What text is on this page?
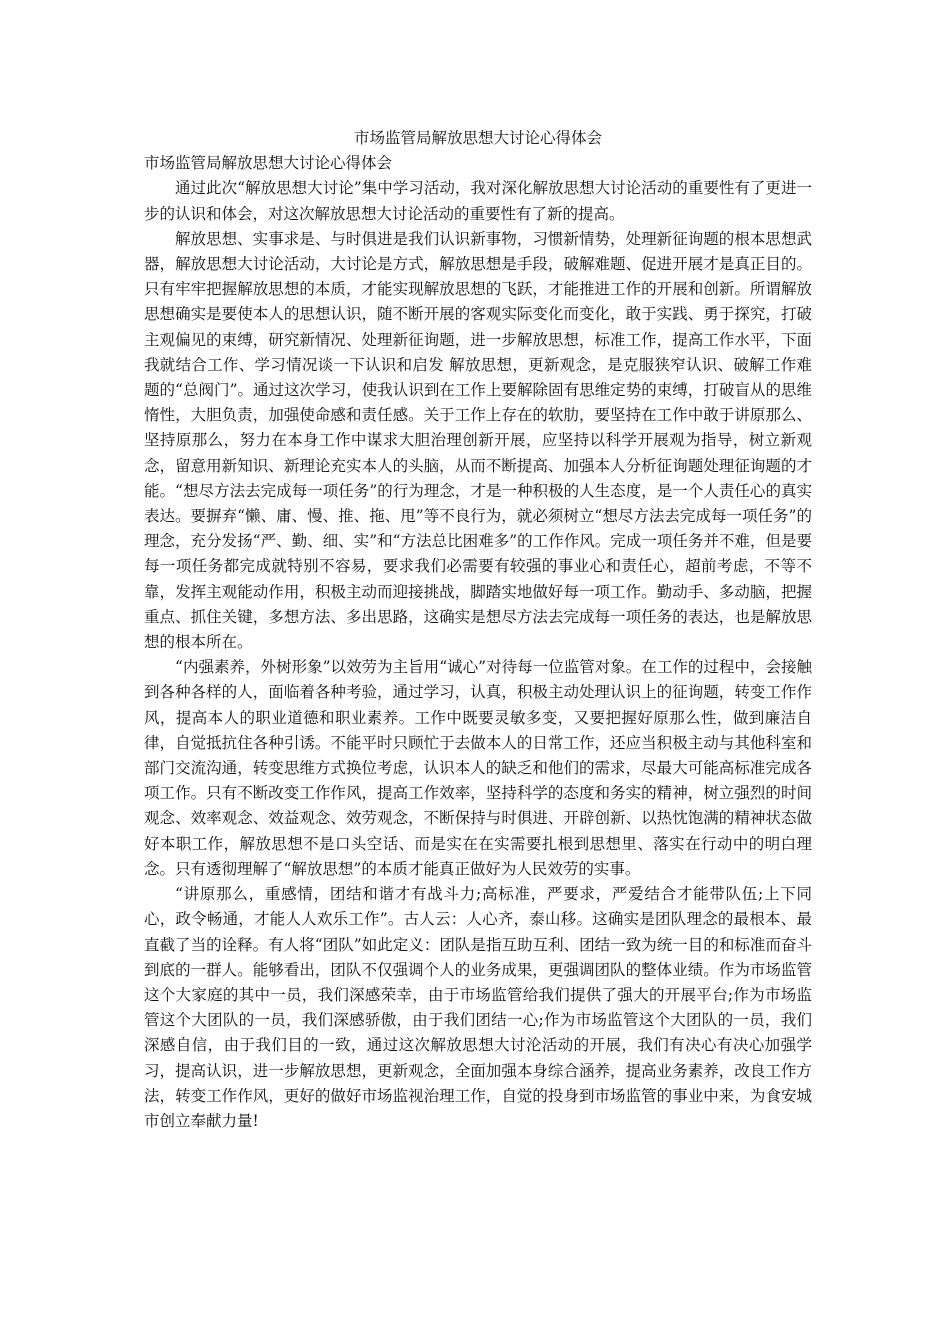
市场监管局解放思想大讨论心得体会
市场监管局解放思想大讨论心得体会

通过此次“解放思想大讨论”集中学习活动，我对深化解放思想大讨论活动的重要性有了更进一步的认识和体会，对这次解放思想大讨论活动的重要性有了新的提高。

解放思想、实事求是、与时俱进是我们认识新事物，习惯新情势，处理新征询题的根本思想武器，解放思想大讨论活动，大讨论是方式，解放思想是手段，破解难题、促进开展才是真正目的。只有牢牢把握解放思想的本质，才能实现解放思想的飞跃，才能推进工作的开展和创新。所谓解放思想确实是要使本人的思想认识，随不断开展的客观实际变化而变化，敢于实践、勇于探究，打破主观偏见的束缚，研究新情况、处理新征询题，进一步解放思想，标准工作，提高工作水平，下面我就结合工作、学习情况谈一下认识和启发 解放思想，更新观念，是克服狭窄认识、破解工作难题的“总阀门”。通过这次学习，使我认识到在工作上要解除固有思维定势的束缚，打破盲从的思维惰性，大胆负责，加强使命感和责任感。关于工作上存在的软肋，要坚持在工作中敢于讲原那么、坚持原那么，努力在本身工作中谋求大胆治理创新开展，应坚持以科学开展观为指导，树立新观念，留意用新知识、新理论充实本人的头脑，从而不断提高、加强本人分析征询题处理征询题的才能。“想尽方法去完成每一项任务”的行为理念，才是一种积极的人生态度，是一个人责任心的真实表达。要摒弃“懒、庸、慢、推、拖、甩”等不良行为，就必须树立“想尽方法去完成每一项任务”的理念，充分发扬“严、勤、细、实”和“方法总比困难多”的工作作风。完成一项任务并不难，但是要每一项任务都完成就特别不容易，要求我们必需要有较强的事业心和责任心，超前考虑，不等不靠，发挥主观能动作用，积极主动而迎接挑战，脚踏实地做好每一项工作。勤动手、多动脑，把握重点、抓住关键，多想方法、多出思路，这确实是想尽方法去完成每一项任务的表达，也是解放思想的根本所在。

“内强素养，外树形象”以效劳为主旨用“诚心”对待每一位监管对象。在工作的过程中，会接触到各种各样的人，面临着各种考验，通过学习，认真，积极主动处理认识上的征询题，转变工作作风，提高本人的职业道德和职业素养。工作中既要灵敏多变，又要把握好原那么性，做到廉洁自律，自觉抵抗住各种引诱。不能平时只顾忙于去做本人的日常工作，还应当积极主动与其他科室和部门交流沟通，转变思维方式换位考虑，认识本人的缺乏和他们的需求，尽最大可能高标准完成各项工作。只有不断改变工作作风，提高工作效率，坚持科学的态度和务实的精神，树立强烈的时间观念、效率观念、效益观念、效劳观念，不断保持与时俱进、开辟创新、以热忱饱满的精神状态做好本职工作，解放思想不是口头空话、而是实在在实需要扎根到思想里、落实在行动中的明白理念。只有透彻理解了“解放思想”的本质才能真正做好为人民效劳的实事。

“讲原那么，重感情，团结和谐才有战斗力;高标准，严要求，严爱结合才能带队伍;上下同心，政令畅通，才能人人欢乐工作”。古人云：人心齐，泰山移。这确实是团队理念的最根本、最直截了当的诠释。有人将“团队”如此定义：团队是指互助互利、团结一致为统一目的和标准而奋斗到底的一群人。能够看出，团队不仅强调个人的业务成果，更强调团队的整体业绩。作为市场监管这个大家庭的其中一员，我们深感荣幸，由于市场监管给我们提供了强大的开展平台;作为市场监管这个大团队的一员，我们深感骄傲，由于我们团结一心;作为市场监管这个大团队的一员，我们深感自信，由于我们目的一致，通过这次解放思想大讨沦活动的开展，我们有决心有决心加强学习，提高认识，进一步解放思想，更新观念，全面加强本身综合涵养，提高业务素养，改良工作方法，转变工作作风，更好的做好市场监视治理工作，自觉的投身到市场监管的事业中来，为食安城市创立奉献力量!
